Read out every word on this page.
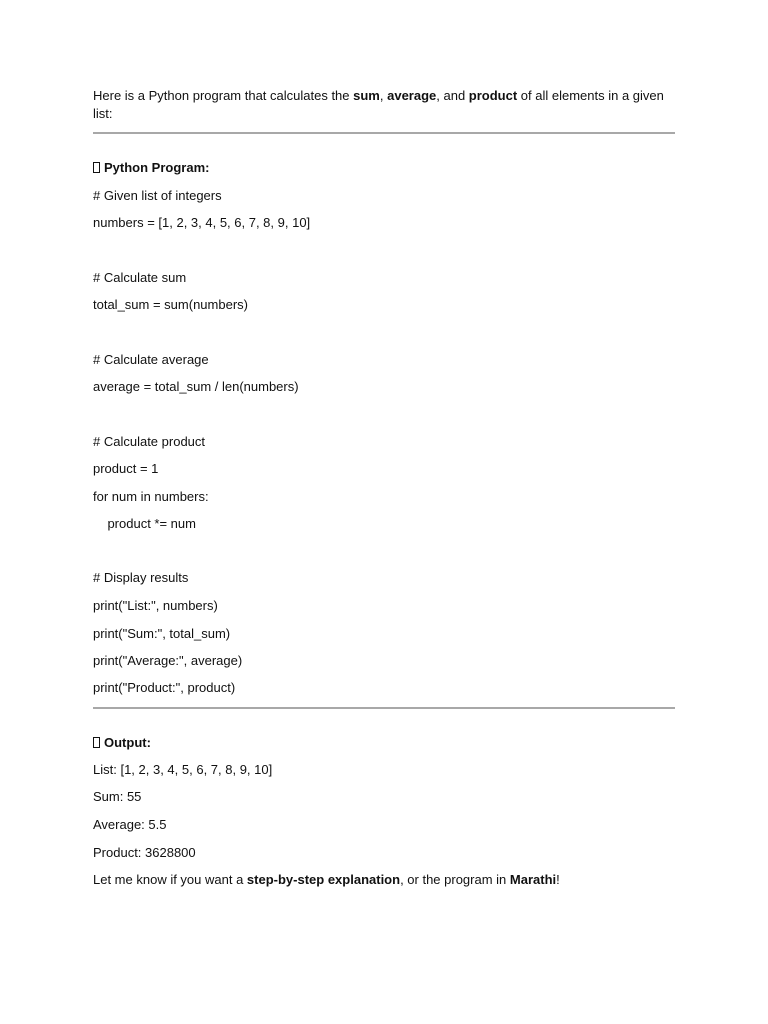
Here is a Python program that calculates the sum, average, and product of all elements in a given
list:
Python Program:
# Given list of integers
numbers = [1, 2, 3, 4, 5, 6, 7, 8, 9, 10]
# Calculate sum
total_sum = sum(numbers)
# Calculate average
average = total_sum / len(numbers)
# Calculate product
product = 1
for num in numbers:
product *= num
# Display results
print("List:", numbers)
print("Sum:", total_sum)
print("Average:", average)
print("Product:", product)
Output:
List: [1, 2, 3, 4, 5, 6, 7, 8, 9, 10]
Sum: 55
Average: 5.5
Product: 3628800
Let me know if you want a step-by-step explanation, or the program in Marathi!
